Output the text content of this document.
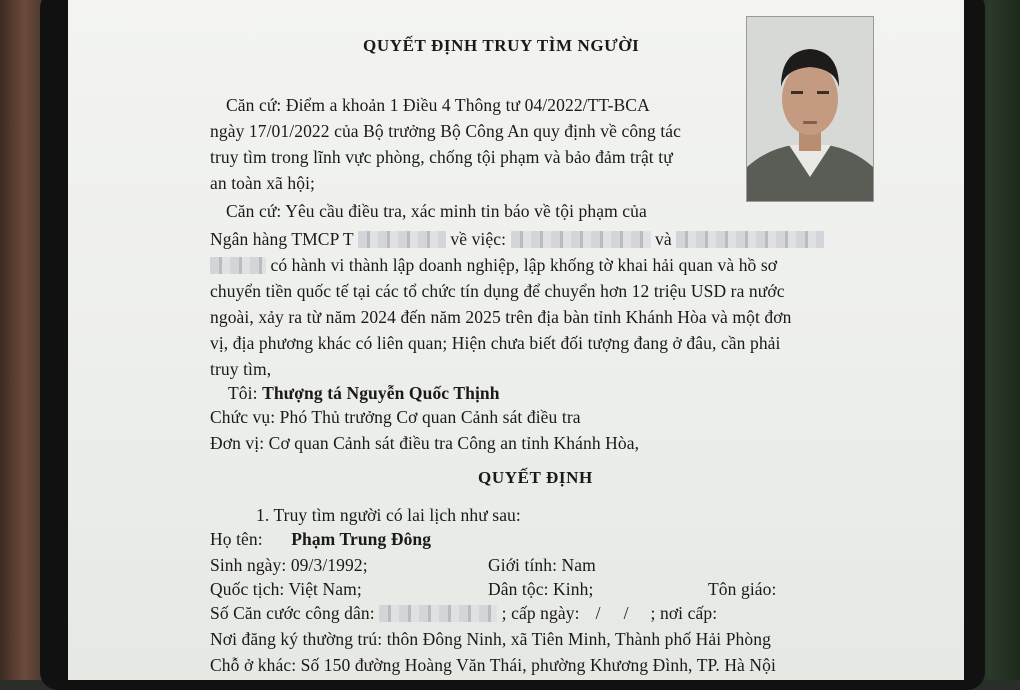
QUYẾT ĐỊNH TRUY TÌM NGƯỜI
Căn cứ: Điểm a khoản 1 Điều 4 Thông tư 04/2022/TT-BCA
ngày 17/01/2022 của Bộ trưởng Bộ Công An quy định về công tác
truy tìm trong lĩnh vực phòng, chống tội phạm và bảo đảm trật tự
an toàn xã hội;
Căn cứ: Yêu cầu điều tra, xác minh tin báo về tội phạm của
Ngân hàng TMCP T	về việc:	và
có hành vi thành lập doanh nghiệp, lập khống tờ khai hải quan và hồ sơ
chuyển tiền quốc tế tại các tổ chức tín dụng để chuyển hơn 12 triệu USD ra nước
ngoài, xảy ra từ năm 2024 đến năm 2025 trên địa bàn tỉnh Khánh Hòa và một đơn
vị, địa phương khác có liên quan; Hiện chưa biết đối tượng đang ở đâu, cần phải
truy tìm,
Tôi: Thượng tá Nguyễn Quốc Thịnh
Chức vụ: Phó Thủ trưởng Cơ quan Cảnh sát điều tra
Đơn vị: Cơ quan Cảnh sát điều tra Công an tỉnh Khánh Hòa,
QUYẾT ĐỊNH
1. Truy tìm người có lai lịch như sau:
Họ tên: Phạm Trung Đông
Sinh ngày: 09/3/1992;	Giới tính: Nam
Quốc tịch: Việt Nam;	Dân tộc: Kinh;	Tôn giáo:
Số Căn cước công dân:	; cấp ngày: / / ; nơi cấp:
Nơi đăng ký thường trú: thôn Đông Ninh, xã Tiên Minh, Thành phố Hải Phòng
Chỗ ở khác: Số 150 đường Hoàng Văn Thái, phường Khương Đình, TP. Hà Nội
